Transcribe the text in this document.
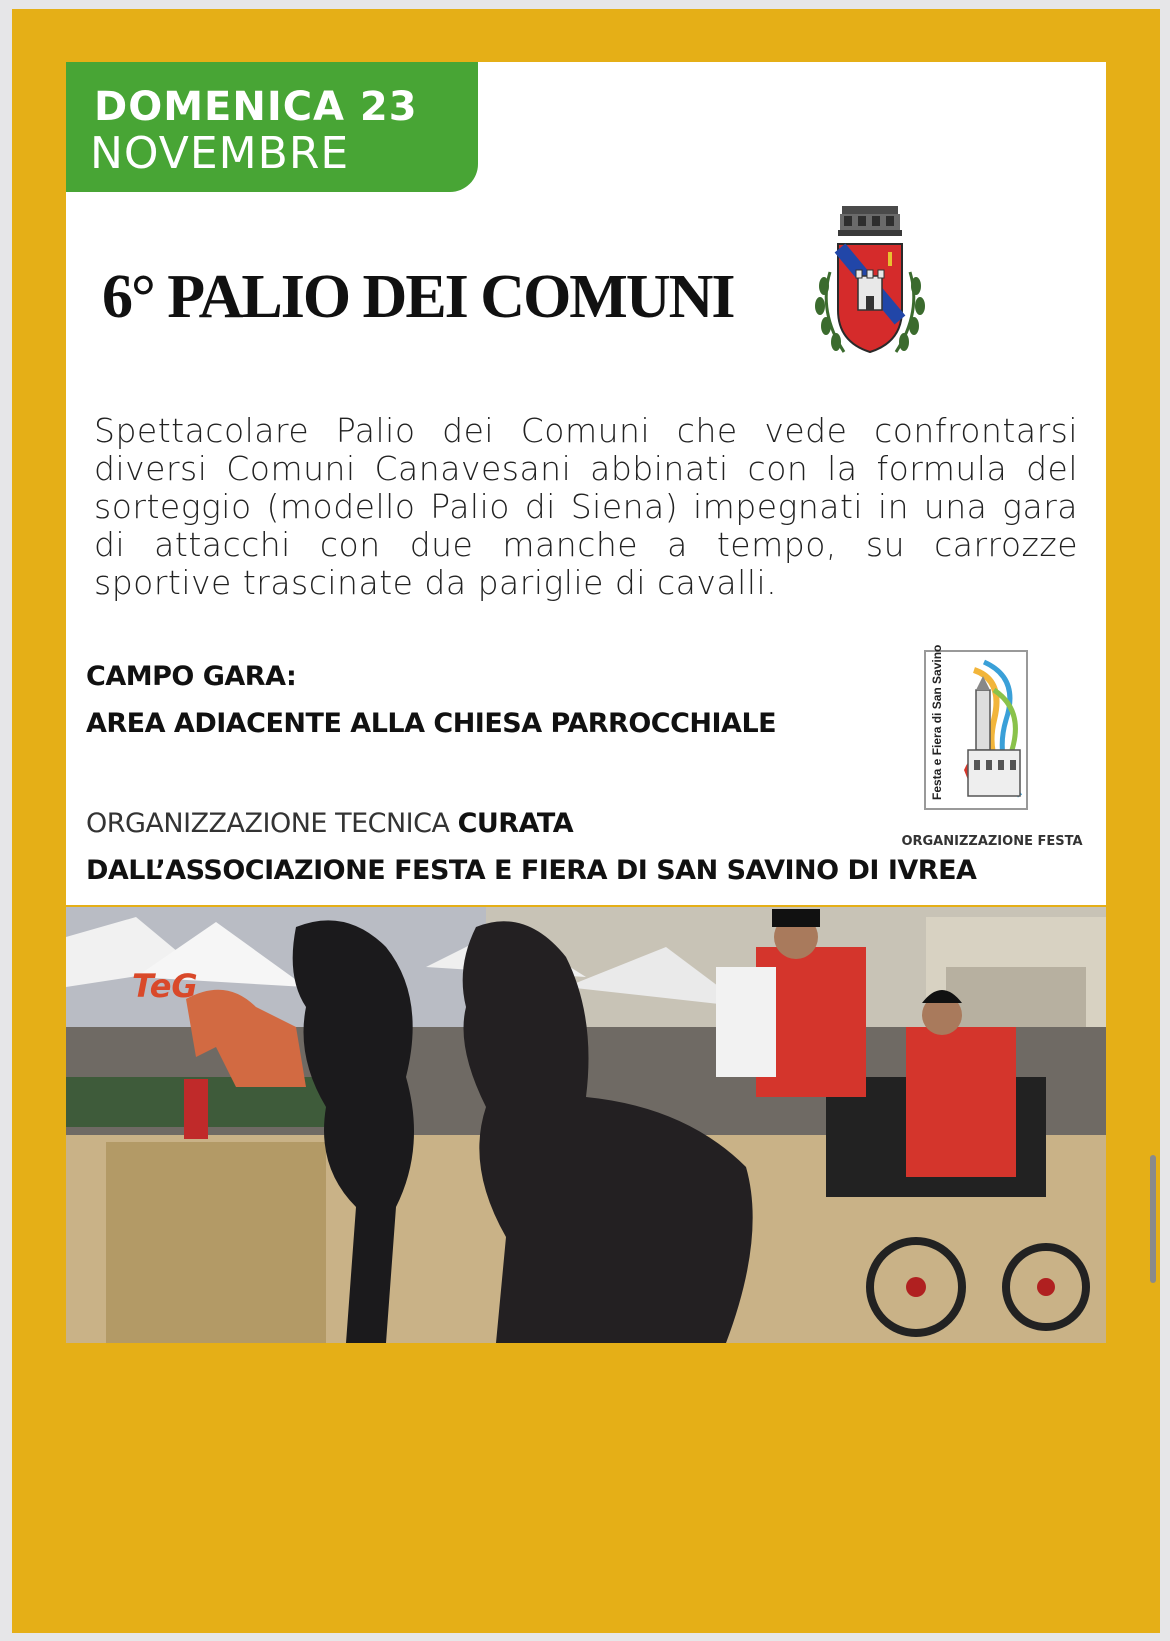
DOMENICA 23
NOVEMBRE
6° PALIO DEI COMUNI
Spettacolare Palio dei Comuni che vede confrontarsi diversi Comuni Canavesani abbinati con la formula del sorteggio (modello Palio di Siena) impegnati in una gara di attacchi con due manche a tempo, su carrozze sportive trascinate da pariglie di cavalli.
CAMPO GARA:
AREA ADIACENTE ALLA CHIESA PARROCCHIALE
ORGANIZZAZIONE TECNICA CURATA
DALL’ASSOCIAZIONE FESTA E FIERA DI SAN SAVINO DI IVREA
Festa e Fiera di San Savino
ORGANIZZAZIONE FESTA
TeG
